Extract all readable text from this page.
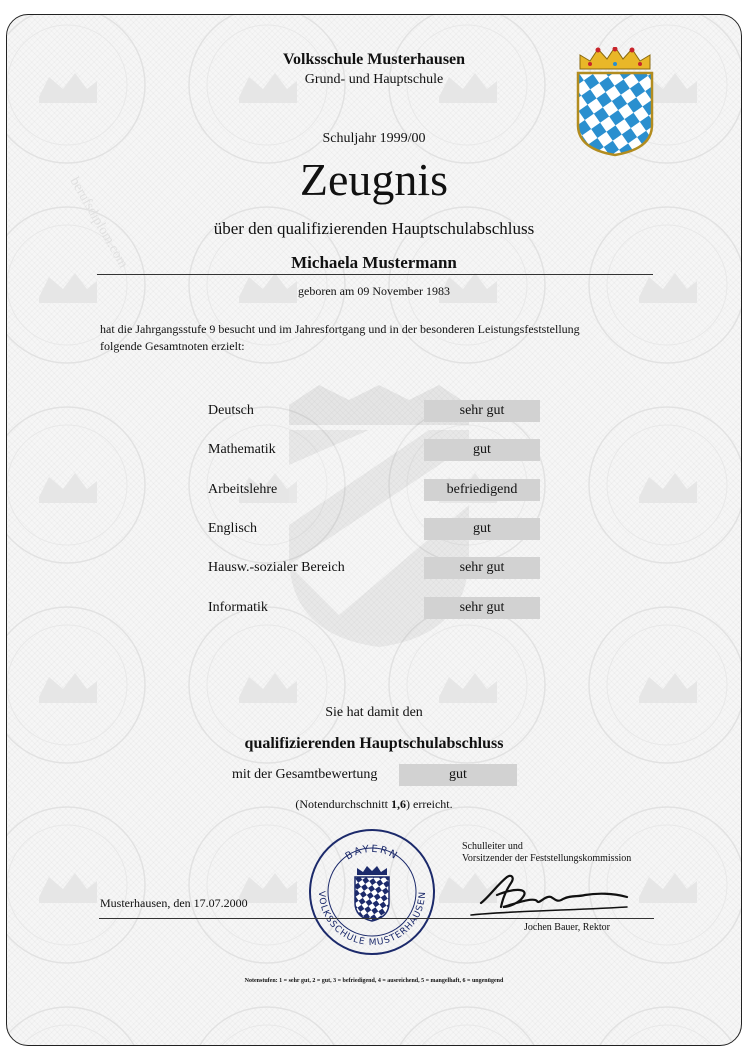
berufsdiplom.com
Volksschule Musterhausen
Grund- und Hauptschule
Schuljahr 1999/00
Zeugnis
über den qualifizierenden Hauptschulabschluss
Michaela Mustermann
geboren am 09 November 1983
hat die Jahrgangsstufe 9 besucht und im Jahresfortgang und in der besonderen Leistungsfeststellung
folgende Gesamtnoten erzielt:
Deutsch	sehr gut
Mathematik	gut
Arbeitslehre	befriedigend
Englisch	gut
Hausw.-sozialer Bereich	sehr gut
Informatik	sehr gut
Sie hat damit den
qualifizierenden Hauptschulabschluss
mit der Gesamtbewertung	gut
(Notendurchschnitt 1,6) erreicht.
Schulleiter und
Vorsitzender der Feststellungskommission
BAYERN
VOLKSSCHULE MUSTERHAUSEN
Musterhausen, den 17.07.2000
Jochen Bauer, Rektor
Notenstufen: 1 = sehr gut, 2 = gut, 3 = befriedigend, 4 = ausreichend, 5 = mangelhaft, 6 = ungenügend
